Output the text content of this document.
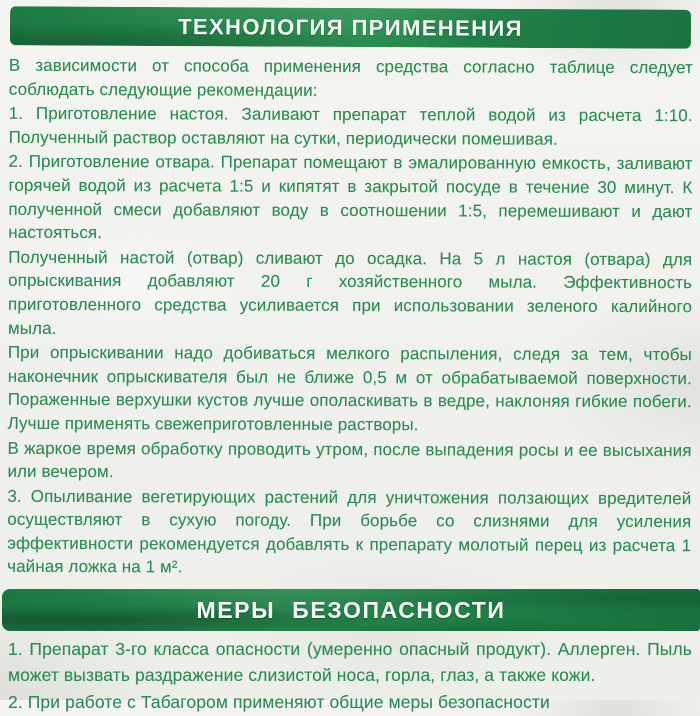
ТЕХНОЛОГИЯ ПРИМЕНЕНИЯ

В зависимости от способа применения средства согласно таблице следует соблюдать следующие рекомендации:

1. Приготовление настоя. Заливают препарат теплой водой из расчета 1:10. Полученный раствор оставляют на сутки, периодически помешивая.

2. Приготовление отвара. Препарат помещают в эмалированную емкость, заливают горячей водой из расчета 1:5 и кипятят в закрытой посуде в течение 30 минут. К полученной смеси добавляют воду в соотношении 1:5, перемешивают и дают настояться.

Полученный настой (отвар) сливают до осадка. На 5 л настоя (отвара) для опрыскивания добавляют 20 г хозяйственного мыла. Эффективность приготовленного средства усиливается при использовании зеленого калийного мыла.

При опрыскивании надо добиваться мелкого распыления, следя за тем, чтобы наконечник опрыскивателя был не ближе 0,5 м от обрабатываемой поверхности. Пораженные верхушки кустов лучше ополаскивать в ведре, наклоняя гибкие побеги. Лучше применять свежеприготовленные растворы.

В жаркое время обработку проводить утром, после выпадения росы и ее высыхания или вечером.

3. Опыливание вегетирующих растений для уничтожения ползающих вредителей осуществляют в сухую погоду. При борьбе со слизнями для усиления эффективности рекомендуется добавлять к препарату молотый перец из расчета 1 чайная ложка на 1 м².

МЕРЫ БЕЗОПАСНОСТИ

1. Препарат 3-го класса опасности (умеренно опасный продукт). Аллерген. Пыль может вызвать раздражение слизистой носа, горла, глаз, а также кожи.

2. При работе с Табагором применяют общие меры безопасности
